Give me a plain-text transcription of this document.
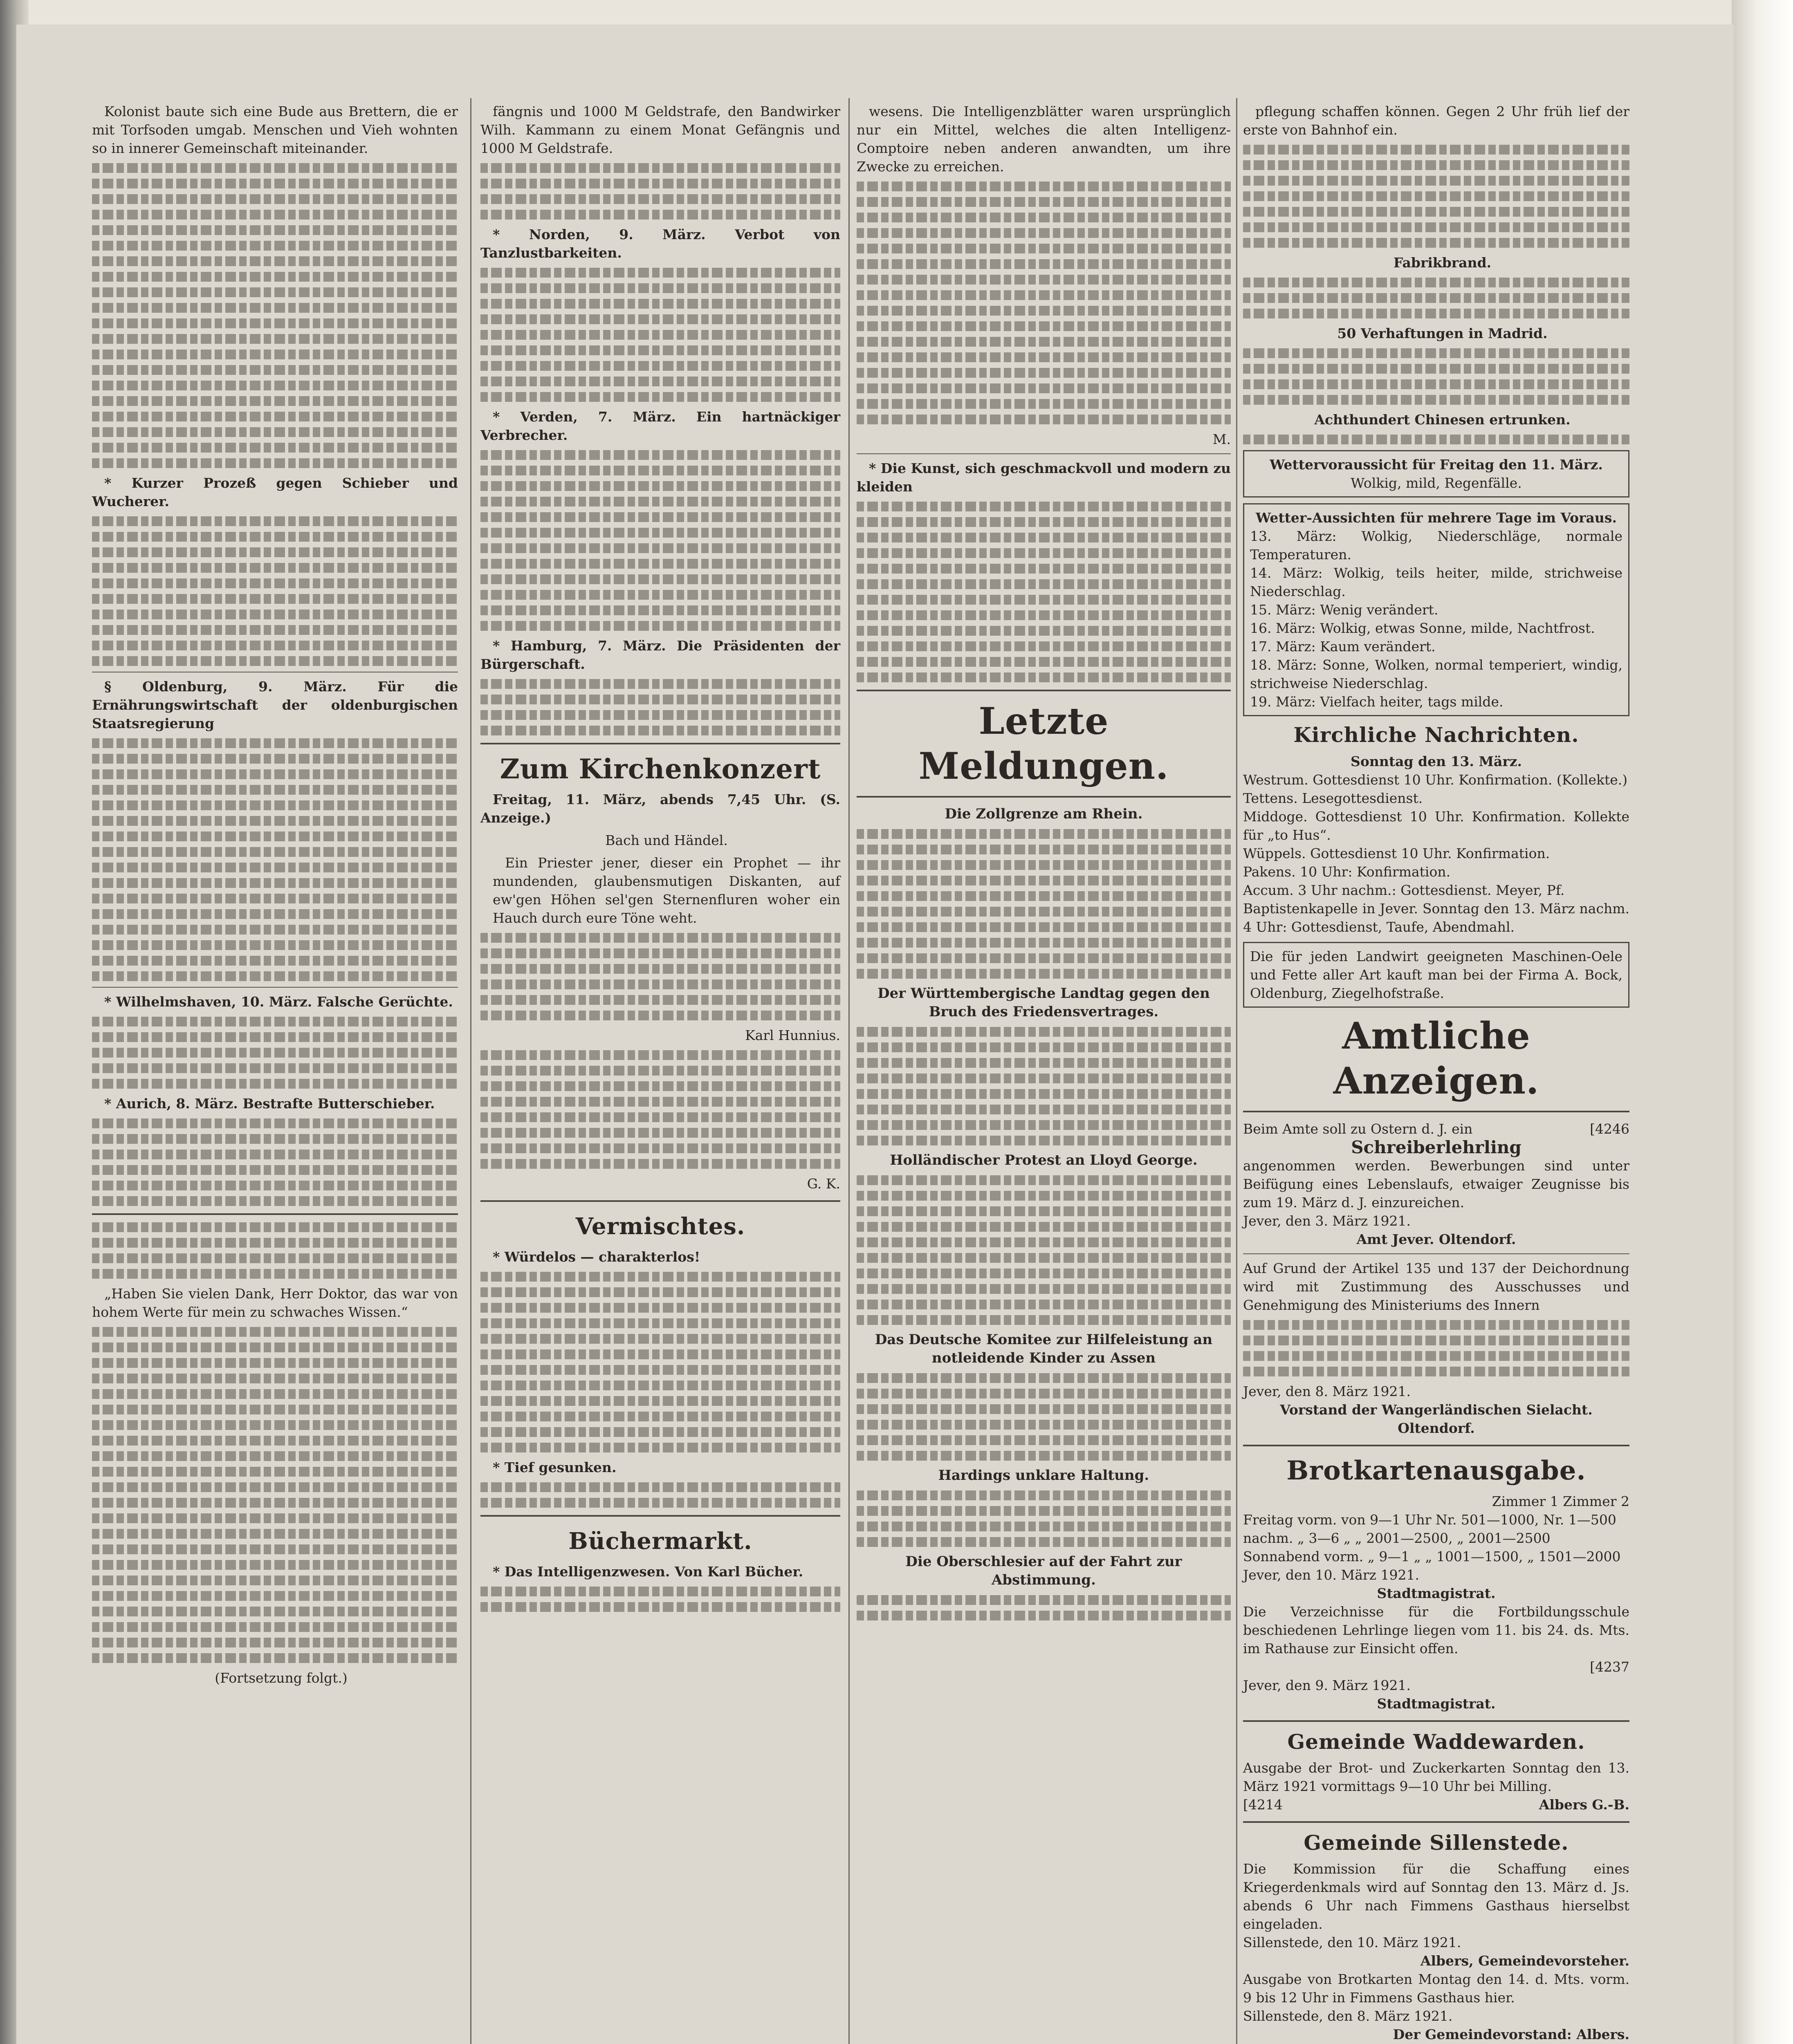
Kolonist baute sich eine Bude aus Brettern, die er mit Torfsoden umgab. Menschen und Vieh wohnten so in innerer Gemeinschaft miteinander.

* Kurzer Prozeß gegen Schieber und Wucherer.

§ Oldenburg, 9. März. Für die Ernährungswirtschaft der oldenburgischen Staatsregierung

* Wilhelmshaven, 10. März. Falsche Gerüchte.

* Aurich, 8. März. Bestrafte Butterschieber.

„Haben Sie vielen Dank, Herr Doktor, das war von hohem Werte für mein zu schwaches Wissen.“

(Fortsetzung folgt.)

fängnis und 1000 M Geldstrafe, den Bandwirker Wilh. Kammann zu einem Monat Gefängnis und 1000 M Geldstrafe.

* Norden, 9. März. Verbot von Tanzlustbarkeiten.

* Verden, 7. März. Ein hartnäckiger Verbrecher.

* Hamburg, 7. März. Die Präsidenten der Bürgerschaft.

Zum Kirchenkonzert

Freitag, 11. März, abends 7,45 Uhr. (S. Anzeige.)

Bach und Händel.

Ein Priester jener, dieser ein Prophet — ihr mundenden, glaubensmutigen Diskanten, auf ew'gen Höhen sel'gen Sternenfluren woher ein Hauch durch eure Töne weht.

Karl Hunnius.

G. K.

Vermischtes.

* Würdelos — charakterlos!

* Tief gesunken.

Büchermarkt.

* Das Intelligenzwesen. Von Karl Bücher.

wesens. Die Intelligenzblätter waren ursprünglich nur ein Mittel, welches die alten Intelligenz-Comptoire neben anderen anwandten, um ihre Zwecke zu erreichen.

M.

* Die Kunst, sich geschmackvoll und modern zu kleiden

Letzte Meldungen.
Die Zollgrenze am Rhein.
Der Württembergische Landtag gegen den Bruch des Friedensvertrages.
Holländischer Protest an Lloyd George.
Das Deutsche Komitee zur Hilfeleistung an notleidende Kinder zu Assen
Hardings unklare Haltung.
Die Oberschlesier auf der Fahrt zur Abstimmung.

pflegung schaffen können. Gegen 2 Uhr früh lief der erste von Bahnhof ein.

Fabrikbrand.

50 Verhaftungen in Madrid.

Achthundert Chinesen ertrunken.

Wettervoraussicht für Freitag den 11. März.
Wolkig, mild, Regenfälle.
Wetter-Aussichten für mehrere Tage im Voraus.
13. März: Wolkig, Niederschläge, normale Temperaturen.
14. März: Wolkig, teils heiter, milde, strichweise Niederschlag.
15. März: Wenig verändert.
16. März: Wolkig, etwas Sonne, milde, Nachtfrost.
17. März: Kaum verändert.
18. März: Sonne, Wolken, normal temperiert, windig, strichweise Niederschlag.
19. März: Vielfach heiter, tags milde.
Kirchliche Nachrichten.
Sonntag den 13. März.
Westrum. Gottesdienst 10 Uhr. Konfirmation. (Kollekte.)
Tettens. Lesegottesdienst.
Middoge. Gottesdienst 10 Uhr. Konfirmation. Kollekte für „to Hus“.
Wüppels. Gottesdienst 10 Uhr. Konfirmation.
Pakens. 10 Uhr: Konfirmation.
Accum. 3 Uhr nachm.: Gottesdienst. Meyer, Pf.
Baptistenkapelle in Jever. Sonntag den 13. März nachm. 4 Uhr: Gottesdienst, Taufe, Abendmahl.
Die für jeden Landwirt geeigneten Maschinen-Oele und Fette aller Art kauft man bei der Firma A. Bock, Oldenburg, Ziegelhofstraße.
Amtliche Anzeigen.
Beim Amte soll zu Ostern d. J. ein	[4246
Schreiberlehrling
angenommen werden. Bewerbungen sind unter Beifügung eines Lebenslaufs, etwaiger Zeugnisse bis zum 19. März d. J. einzureichen.
Jever, den 3. März 1921.
Amt Jever. Oltendorf.
Auf Grund der Artikel 135 und 137 der Deichordnung wird mit Zustimmung des Ausschusses und Genehmigung des Ministeriums des Innern
Jever, den 8. März 1921.
Vorstand der Wangerländischen Sielacht. Oltendorf.
Brotkartenausgabe.
Zimmer 1 Zimmer 2
Freitag vorm. von 9—1 Uhr Nr. 501—1000, Nr. 1—500
nachm. „ 3—6 „ „ 2001—2500, „ 2001—2500
Sonnabend vorm. „ 9—1 „ „ 1001—1500, „ 1501—2000
Jever, den 10. März 1921.
Stadtmagistrat.
Die Verzeichnisse für die Fortbildungsschule beschiedenen Lehrlinge liegen vom 11. bis 24. ds. Mts. im Rathause zur Einsicht offen.
[4237
Jever, den 9. März 1921.
Stadtmagistrat.
Gemeinde Waddewarden.
Ausgabe der Brot- und Zuckerkarten Sonntag den 13. März 1921 vormittags 9—10 Uhr bei Milling.
[4214	Albers G.-B.
Gemeinde Sillenstede.
Die Kommission für die Schaffung eines Kriegerdenkmals wird auf Sonntag den 13. März d. Js. abends 6 Uhr nach Fimmens Gasthaus hierselbst eingeladen.
Sillenstede, den 10. März 1921.
Albers, Gemeindevorsteher.
Ausgabe von Brotkarten Montag den 14. d. Mts. vorm. 9 bis 12 Uhr in Fimmens Gasthaus hier.
Sillenstede, den 8. März 1921.
Der Gemeindevorstand: Albers.
